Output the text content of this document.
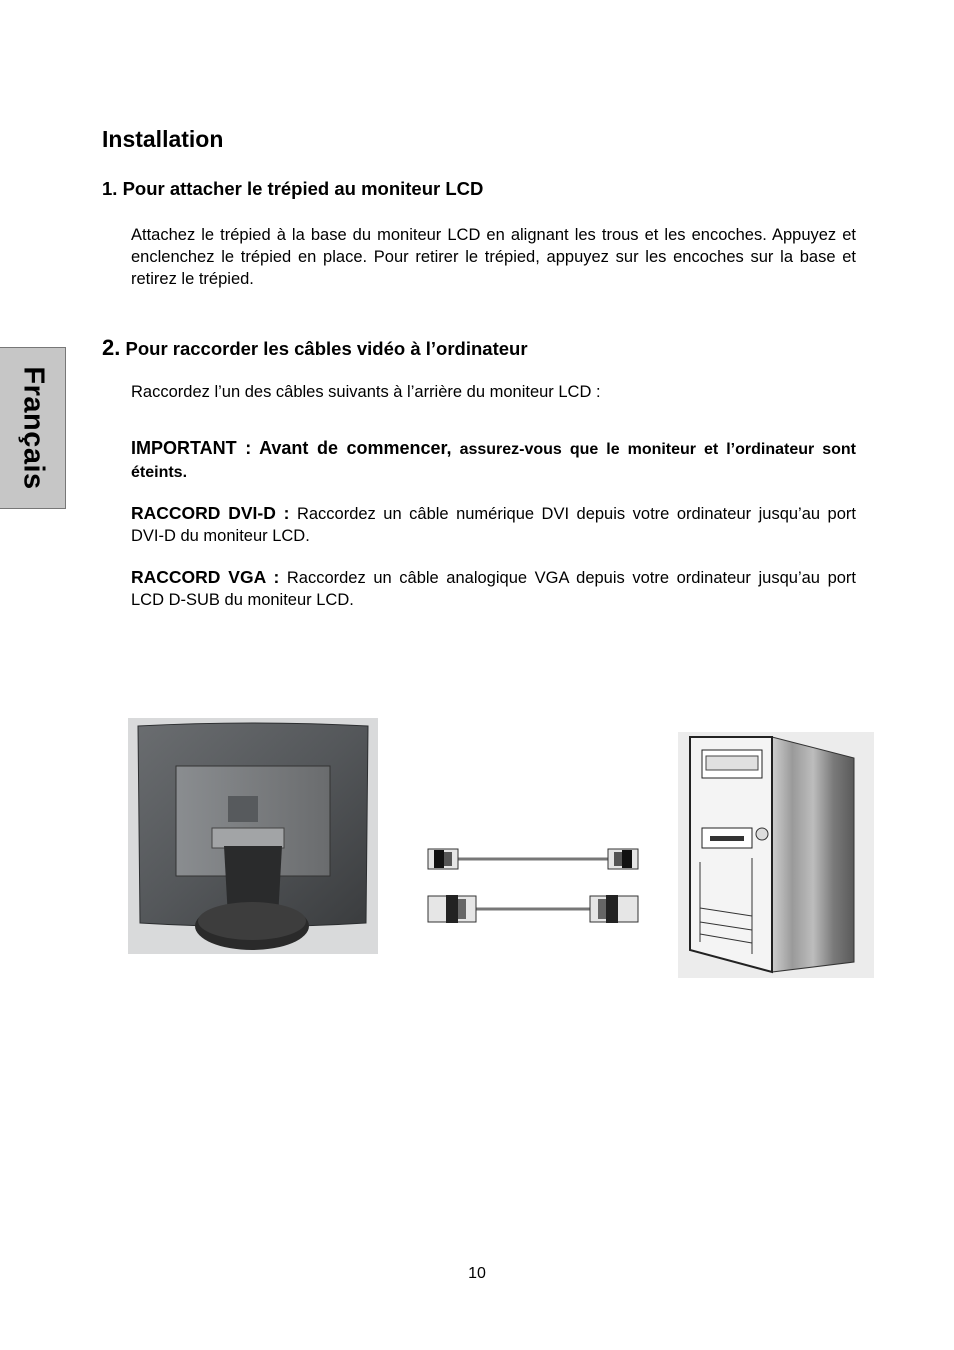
Français
Installation
1. Pour attacher le trépied au moniteur LCD

Attachez le trépied à la base du moniteur LCD en alignant les trous et les encoches. Appuyez et enclenchez le trépied en place. Pour retirer le trépied, appuyez sur les encoches sur la base et retirez le trépied.

2. Pour raccorder les câbles vidéo à l’ordinateur

Raccordez l’un des câbles suivants à l’arrière du moniteur LCD :

IMPORTANT : Avant de commencer, assurez-vous que le moniteur et l’ordinateur sont éteints.

RACCORD DVI-D : Raccordez un câble numérique DVI depuis votre ordinateur jusqu’au port DVI-D du moniteur LCD.

RACCORD VGA : Raccordez un câble analogique VGA depuis votre ordinateur jusqu’au port LCD D-SUB du moniteur LCD.

10
